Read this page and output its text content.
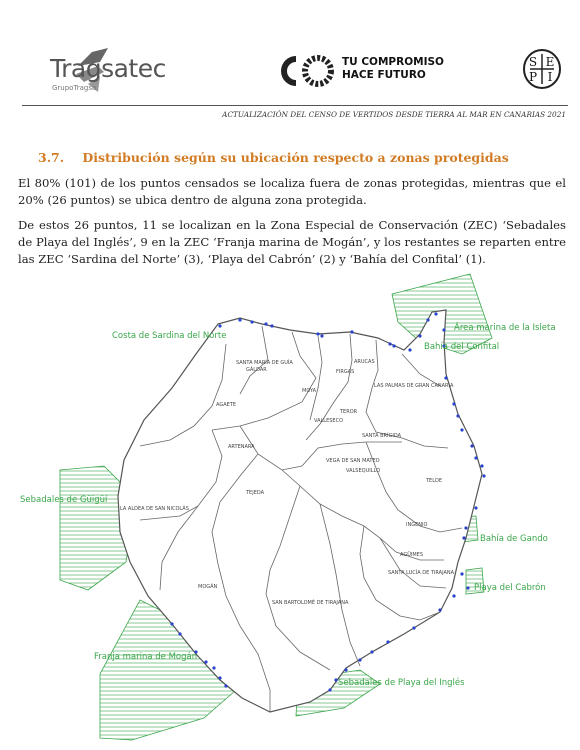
Tragsatec
GrupoTragsa
TU COMPROMISO
HACE FUTURO
S E
P I
ACTUALIZACIÓN DEL CENSO DE VERTIDOS DESDE TIERRA AL MAR EN CANARIAS 2021
3.7. Distribución según su ubicación respecto a zonas protegidas
El 80% (101) de los puntos censados se localiza fuera de zonas protegidas, mientras que el 20% (26 puntos) se ubica dentro de alguna zona protegida.
De estos 26 puntos, 11 se localizan en la Zona Especial de Conservación (ZEC) ‘Sebadales de Playa del Inglés’, 9 en la ZEC ‘Franja marina de Mogán’, y los restantes se reparten entre las ZEC ‘Sardina del Norte’ (3), ‘Playa del Cabrón’ (2) y ‘Bahía del Confital’ (1).
SANTA MARÍA DE GUÍA
GÁLDAR
ARUCAS
FIRGAS
MOYA
LAS PALMAS DE GRAN CANARIA
AGAETE
TEROR
VALLESECO
SANTA BRÍGIDA
ARTENARA
VEGA DE SAN MATEO
VALSEQUILLO
TELDE
TEJEDA
LA ALDEA DE SAN NICOLÁS
INGENIO
AGÜIMES
SANTA LUCÍA DE TIRAJANA
MOGÁN
SAN BARTOLOMÉ DE TIRAJANA
Costa de Sardina del Norte
Área marina de la Isleta
Bahía del Confital
Sebadales de Güigüí
Bahía de Gando
Playa del Cabrón
Franja marina de Mogán
Sebadales de Playa del Inglés
